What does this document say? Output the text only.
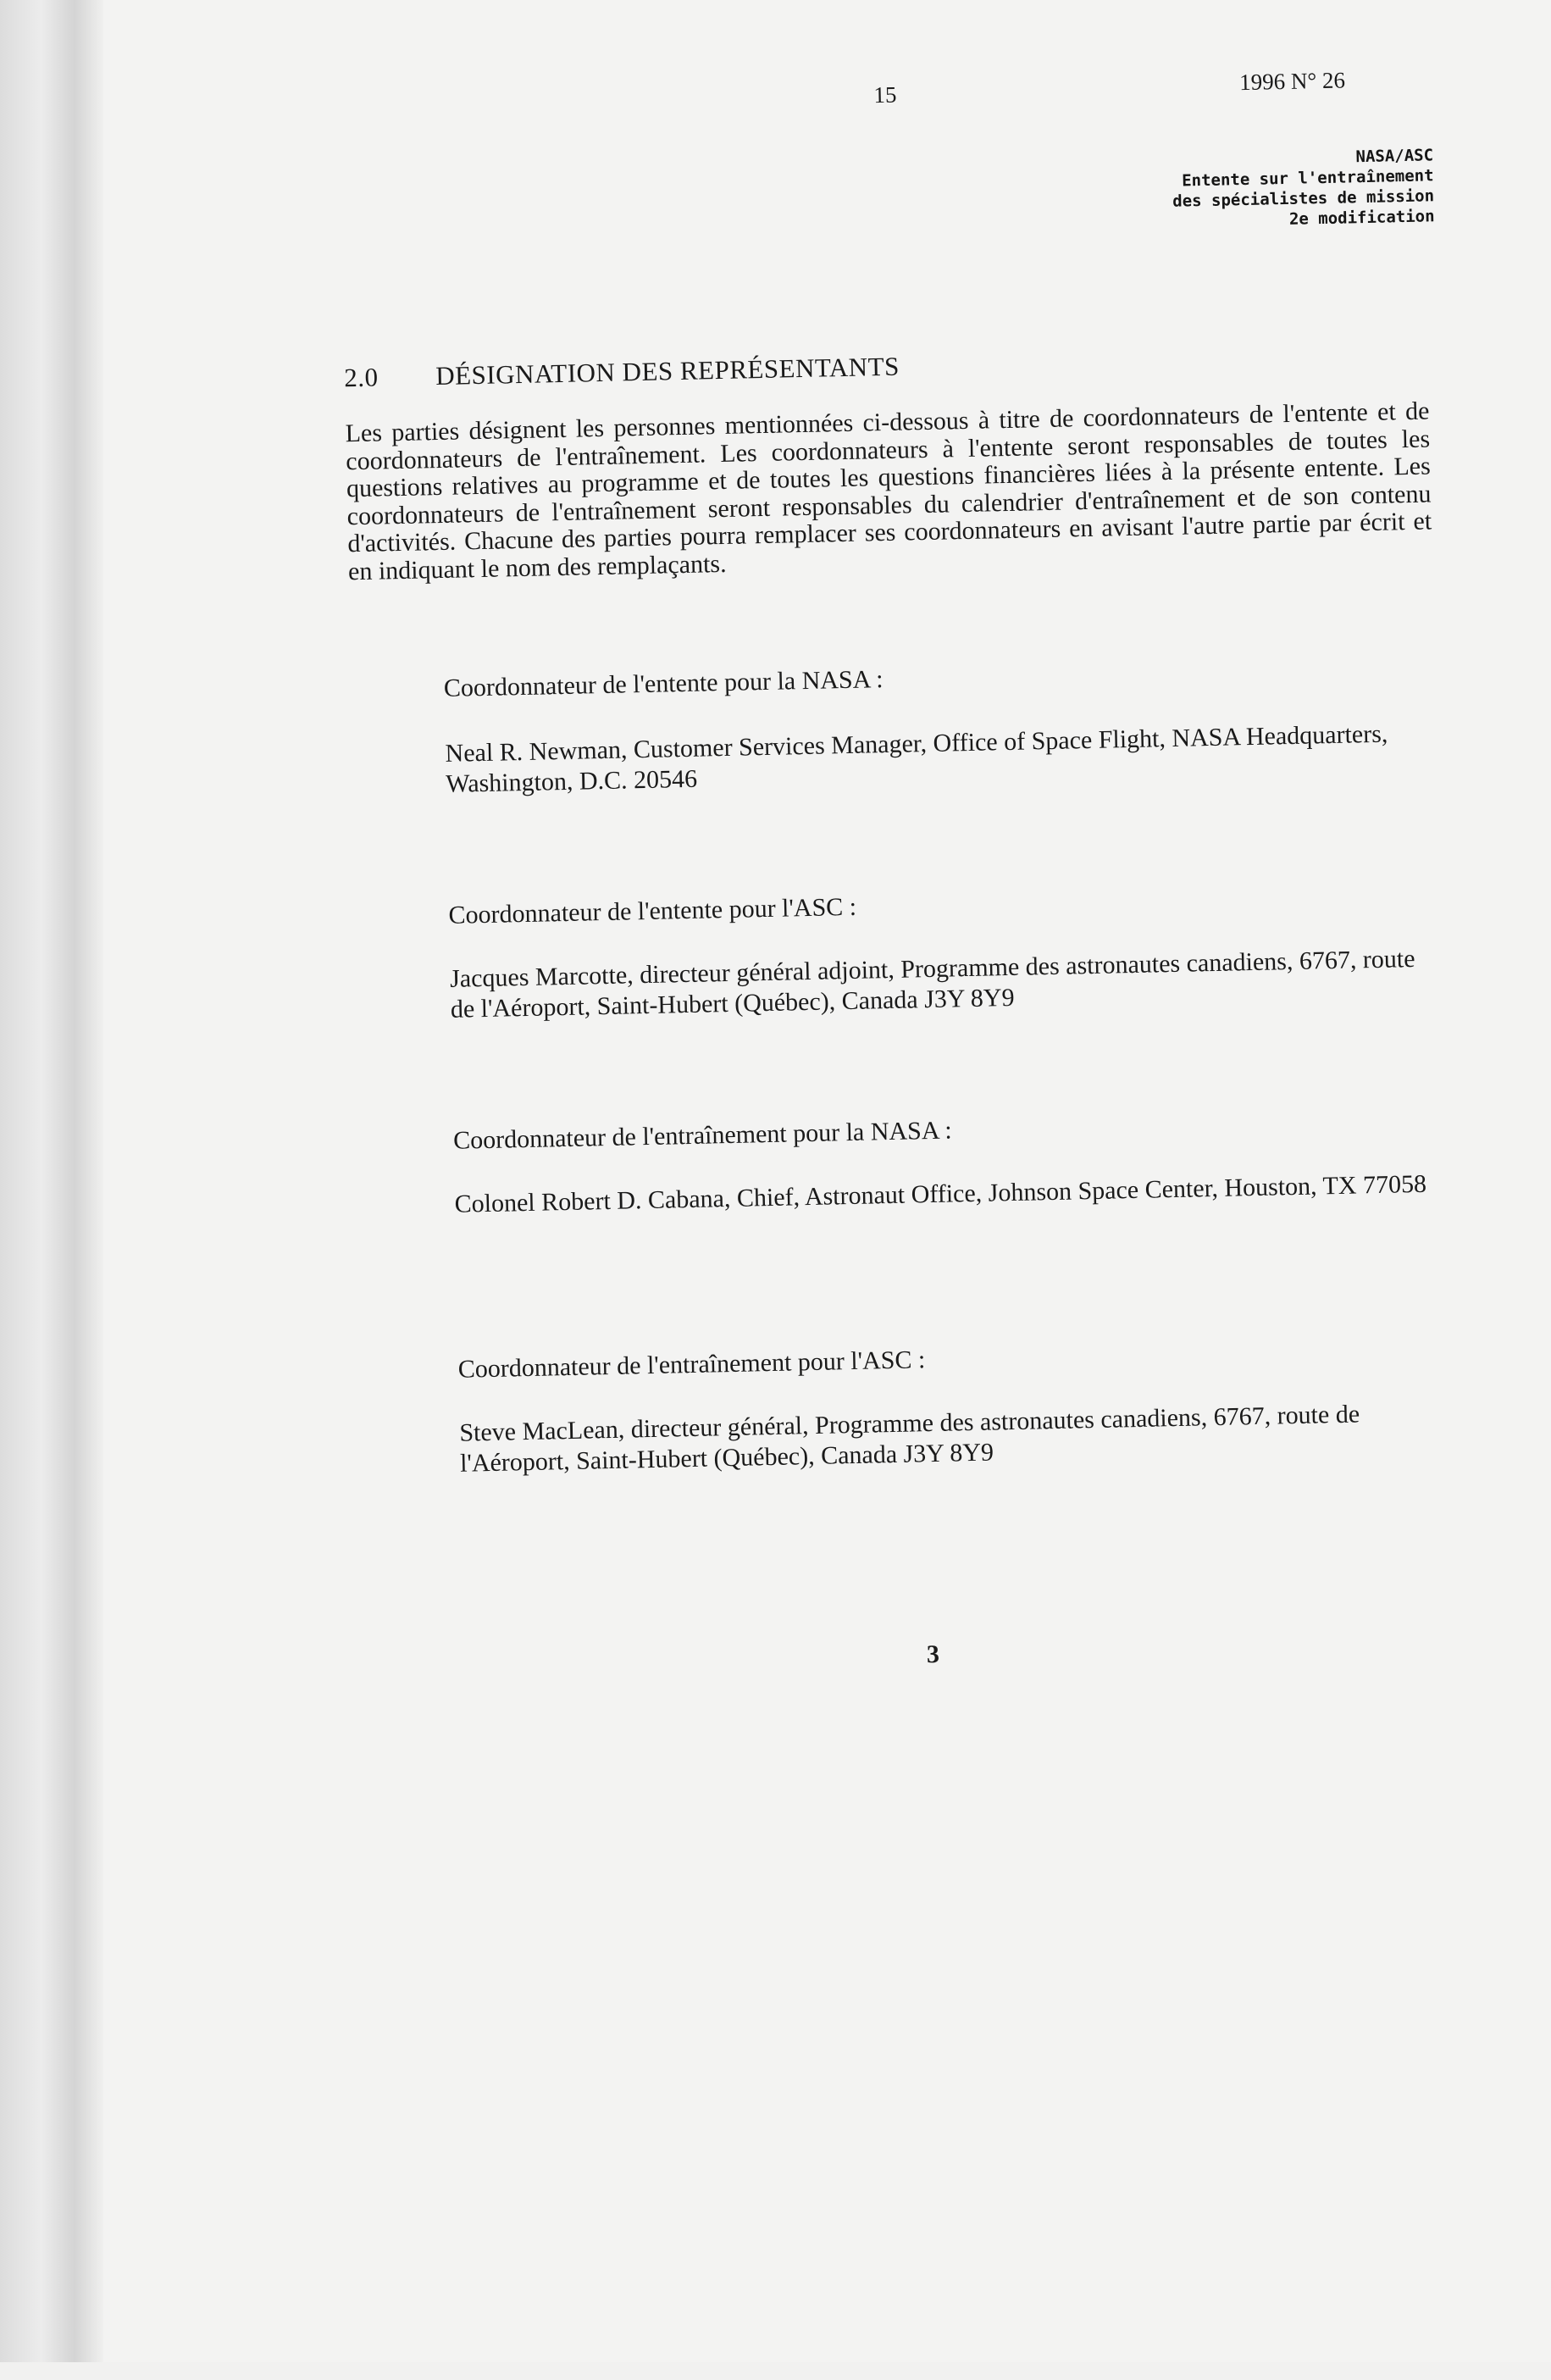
15	1996 N° 26
NASA/ASC
Entente sur l'entraînement
des spécialistes de mission
2e modification
2.0 DÉSIGNATION DES REPRÉSENTANTS
Les parties désignent les personnes mentionnées ci-dessous à titre de coordonnateurs de l'entente et de coordonnateurs de l'entraînement. Les coordonnateurs à l'entente seront responsables de toutes les questions relatives au programme et de toutes les questions financières liées à la présente entente. Les coordonnateurs de l'entraînement seront responsables du calendrier d'entraînement et de son contenu d'activités. Chacune des parties pourra remplacer ses coordonnateurs en avisant l'autre partie par écrit et en indiquant le nom des remplaçants.
Coordonnateur de l'entente pour la NASA :
Neal R. Newman, Customer Services Manager, Office of Space Flight, NASA Headquarters, Washington, D.C. 20546
Coordonnateur de l'entente pour l'ASC :
Jacques Marcotte, directeur général adjoint, Programme des astronautes canadiens, 6767, route de l'Aéroport, Saint-Hubert (Québec), Canada J3Y 8Y9
Coordonnateur de l'entraînement pour la NASA :
Colonel Robert D. Cabana, Chief, Astronaut Office, Johnson Space Center, Houston, TX 77058
Coordonnateur de l'entraînement pour l'ASC :
Steve MacLean, directeur général, Programme des astronautes canadiens, 6767, route de l'Aéroport, Saint-Hubert (Québec), Canada J3Y 8Y9
3
